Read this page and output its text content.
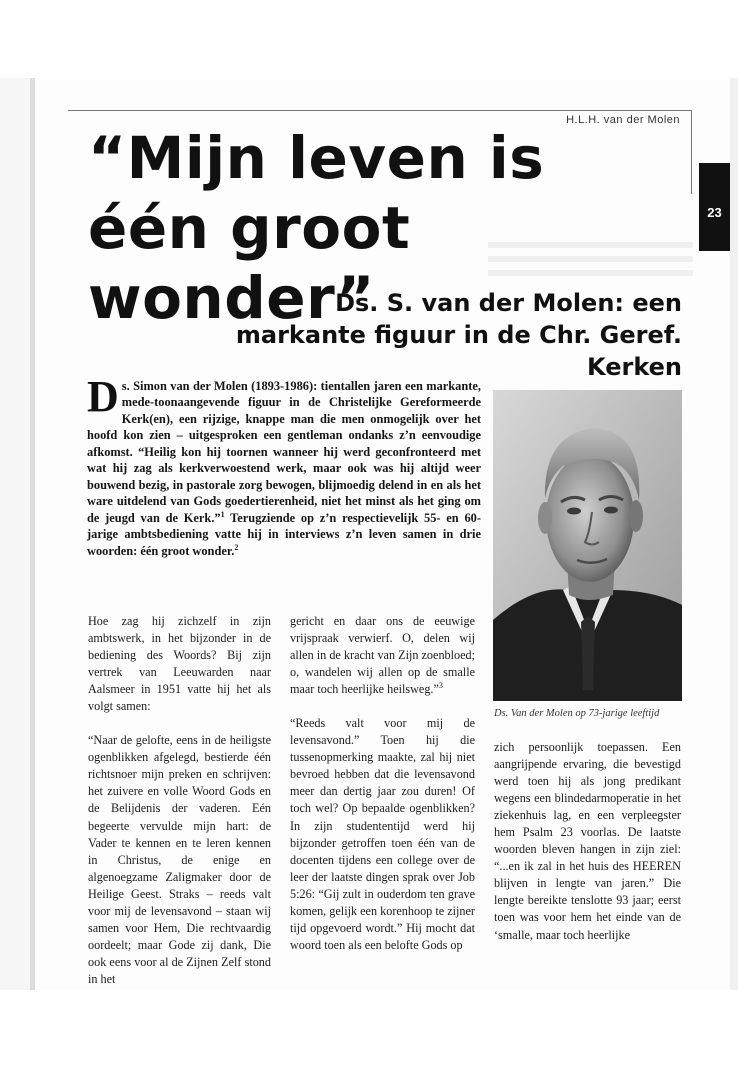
H.L.H. van der Molen
23
“Mijn leven is één groot wonder”
Ds. S. van der Molen: een markante figuur in de Chr. Geref. Kerken

Ds. Simon van der Molen (1893-1986): tientallen jaren een markante, mede-toonaangevende figuur in de Christelijke Gereformeerde Kerk(en), een rijzige, knappe man die men onmogelijk over het hoofd kon zien – uitgesproken een gentleman ondanks z’n eenvoudige afkomst. “Heilig kon hij toornen wanneer hij werd geconfronteerd met wat hij zag als kerkverwoestend werk, maar ook was hij altijd weer bouwend bezig, in pastorale zorg bewogen, blijmoedig delend in en als het ware uitdelend van Gods goedertierenheid, niet het minst als het ging om de jeugd van de Kerk.”$^1$ Terugziende op z’n respectievelijk 55- en 60-jarige ambtsbediening vatte hij in interviews z’n leven samen in drie woorden: één groot wonder.$^2$

Hoe zag hij zichzelf in zijn ambtswerk, in het bijzonder in de bediening des Woords? Bij zijn vertrek van Leeuwarden naar Aalsmeer in 1951 vatte hij het als volgt samen:

“Naar de gelofte, eens in de heiligste ogenblikken afgelegd, bestierde één richtsnoer mijn preken en schrijven: het zuivere en volle Woord Gods en de Belijdenis der vaderen. Eén begeerte vervulde mijn hart: de Vader te kennen en te leren kennen in Christus, de enige en algenoegzame Zaligmaker door de Heilige Geest. Straks – reeds valt voor mij de levensavond – staan wij samen voor Hem, Die rechtvaardig oordeelt; maar Gode zij dank, Die ook eens voor al de Zijnen Zelf stond in het

gericht en daar ons de eeuwige vrijspraak verwierf. O, delen wij allen in de kracht van Zijn zoenbloed; o, wandelen wij allen op de smalle maar toch heerlijke heilsweg.”$^3$

“Reeds valt voor mij de levensavond.” Toen hij die tussenopmerking maakte, zal hij niet bevroed hebben dat die levensavond meer dan dertig jaar zou duren! Of toch wel? Op bepaalde ogenblikken? In zijn studententijd werd hij bijzonder getroffen toen één van de docenten tijdens een college over de leer der laatste dingen sprak over Job 5:26: “Gij zult in ouderdom ten grave komen, gelijk een korenhoop te zijner tijd opgevoerd wordt.” Hij mocht dat woord toen als een belofte Gods op

Ds. Van der Molen op 73-jarige leeftijd

zich persoonlijk toepassen. Een aangrijpende ervaring, die bevestigd werd toen hij als jong predikant wegens een blindedarmoperatie in het ziekenhuis lag, en een verpleegster hem Psalm 23 voorlas. De laatste woorden bleven hangen in zijn ziel: “...en ik zal in het huis des HEEREN blijven in lengte van jaren.” Die lengte bereikte tenslotte 93 jaar; eerst toen was voor hem het einde van de ‘smalle, maar toch heerlijke
